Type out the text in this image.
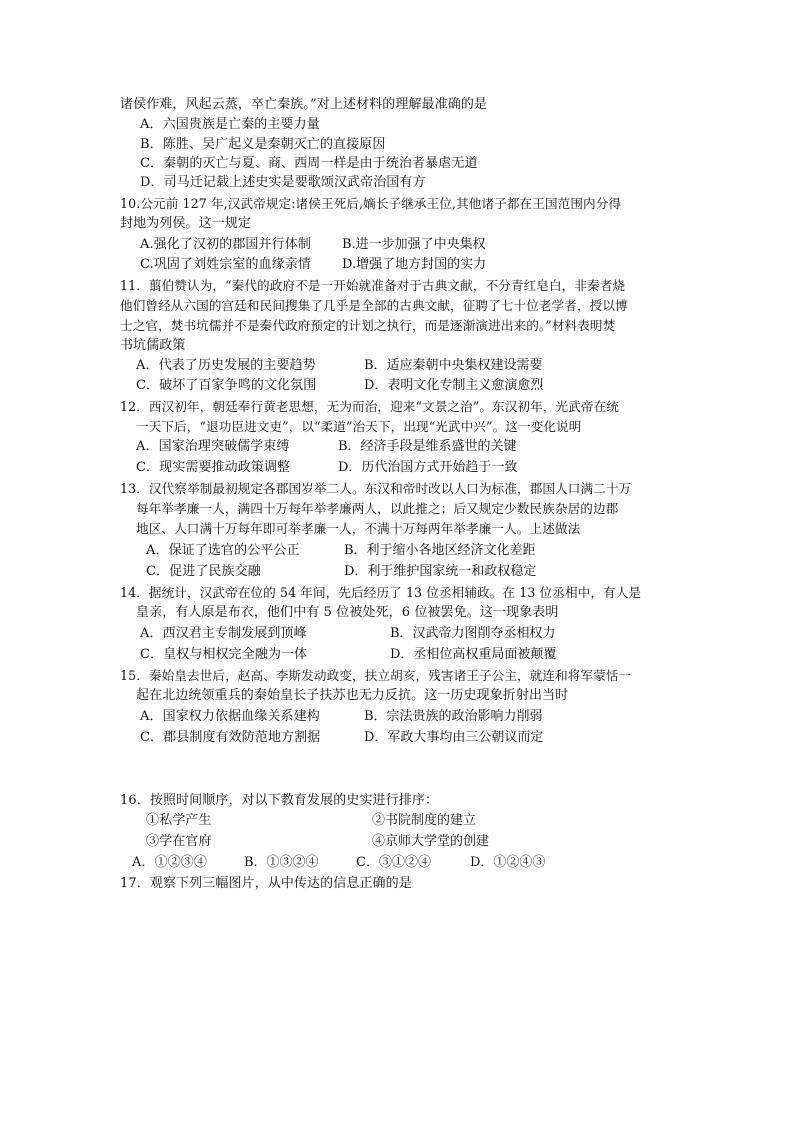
诸侯作难，风起云蒸，卒亡秦族。”对上述材料的理解最准确的是
A．六国贵族是亡秦的主要力量
B．陈胜、吴广起义是秦朝灭亡的直接原因
C．秦朝的灭亡与夏、商、西周一样是由于统治者暴虐无道
D．司马迁记载上述史实是要歌颂汉武帝治国有方
10.公元前 127 年,汉武帝规定:诸侯王死后,嫡长子继承王位,其他诸子都在王国范围内分得
封地为列侯。这一规定
A.强化了汉初的郡国并行体制 B.进一步加强了中央集权
C.巩固了刘姓宗室的血缘亲情 D.增强了地方封国的实力
11．翦伯赞认为，“秦代的政府不是一开始就准备对于古典文献，不分青红皂白，非秦者烧
他们曾经从六国的宫廷和民间搜集了几乎是全部的古典文献，征聘了七十位老学者，授以博
士之官，焚书坑儒并不是秦代政府预定的计划之执行，而是逐渐演进出来的。”材料表明焚
书坑儒政策
A．代表了历史发展的主要趋势	B．适应秦朝中央集权建设需要
C．破坏了百家争鸣的文化氛围	D．表明文化专制主义愈演愈烈
12．西汉初年，朝廷奉行黄老思想，无为而治，迎来“文景之治”。东汉初年，光武帝在统
一天下后，“退功臣进文吏”，以“柔道”治天下，出现“光武中兴”。这一变化说明
A．国家治理突破儒学束缚	B．经济手段是维系盛世的关键
C．现实需要推动政策调整	D．历代治国方式开始趋于一致
13．汉代察举制最初规定各郡国岁举二人。东汉和帝时改以人口为标准，郡国人口满二十万
每年举孝廉一人，满四十万每年举孝廉两人，以此推之；后又规定少数民族杂居的边郡
地区、人口满十万每年即可举孝廉一人，不满十万每两年举孝廉一人。上述做法
A．保证了选官的公平公正	B．利于缩小各地区经济文化差距
C．促进了民族交融	D．利于维护国家统一和政权稳定
14．据统计，汉武帝在位的 54 年间，先后经历了 13 位丞相辅政。在 13 位丞相中，有人是
皇亲，有人原是布衣，他们中有 5 位被处死，6 位被罢免。这一现象表明
A．西汉君主专制发展到顶峰	B．汉武帝力图削夺丞相权力
C．皇权与相权完全融为一体	D．丞相位高权重局面被颠覆
15．秦始皇去世后，赵高、李斯发动政变，扶立胡亥，残害诸王子公主，就连和将军蒙恬一
起在北边统领重兵的秦始皇长子扶苏也无力反抗。这一历史现象折射出当时
A．国家权力依据血缘关系建构	B．宗法贵族的政治影响力削弱
C．郡县制度有效防范地方割据	D．军政大事均由三公朝议而定
16．按照时间顺序，对以下教育发展的史实进行排序：
①私学产生	②书院制度的建立
③学在官府	④京师大学堂的创建
A．①②③④	B．①③②④	C．③①②④	D．①②④③
17．观察下列三幅图片，从中传达的信息正确的是
